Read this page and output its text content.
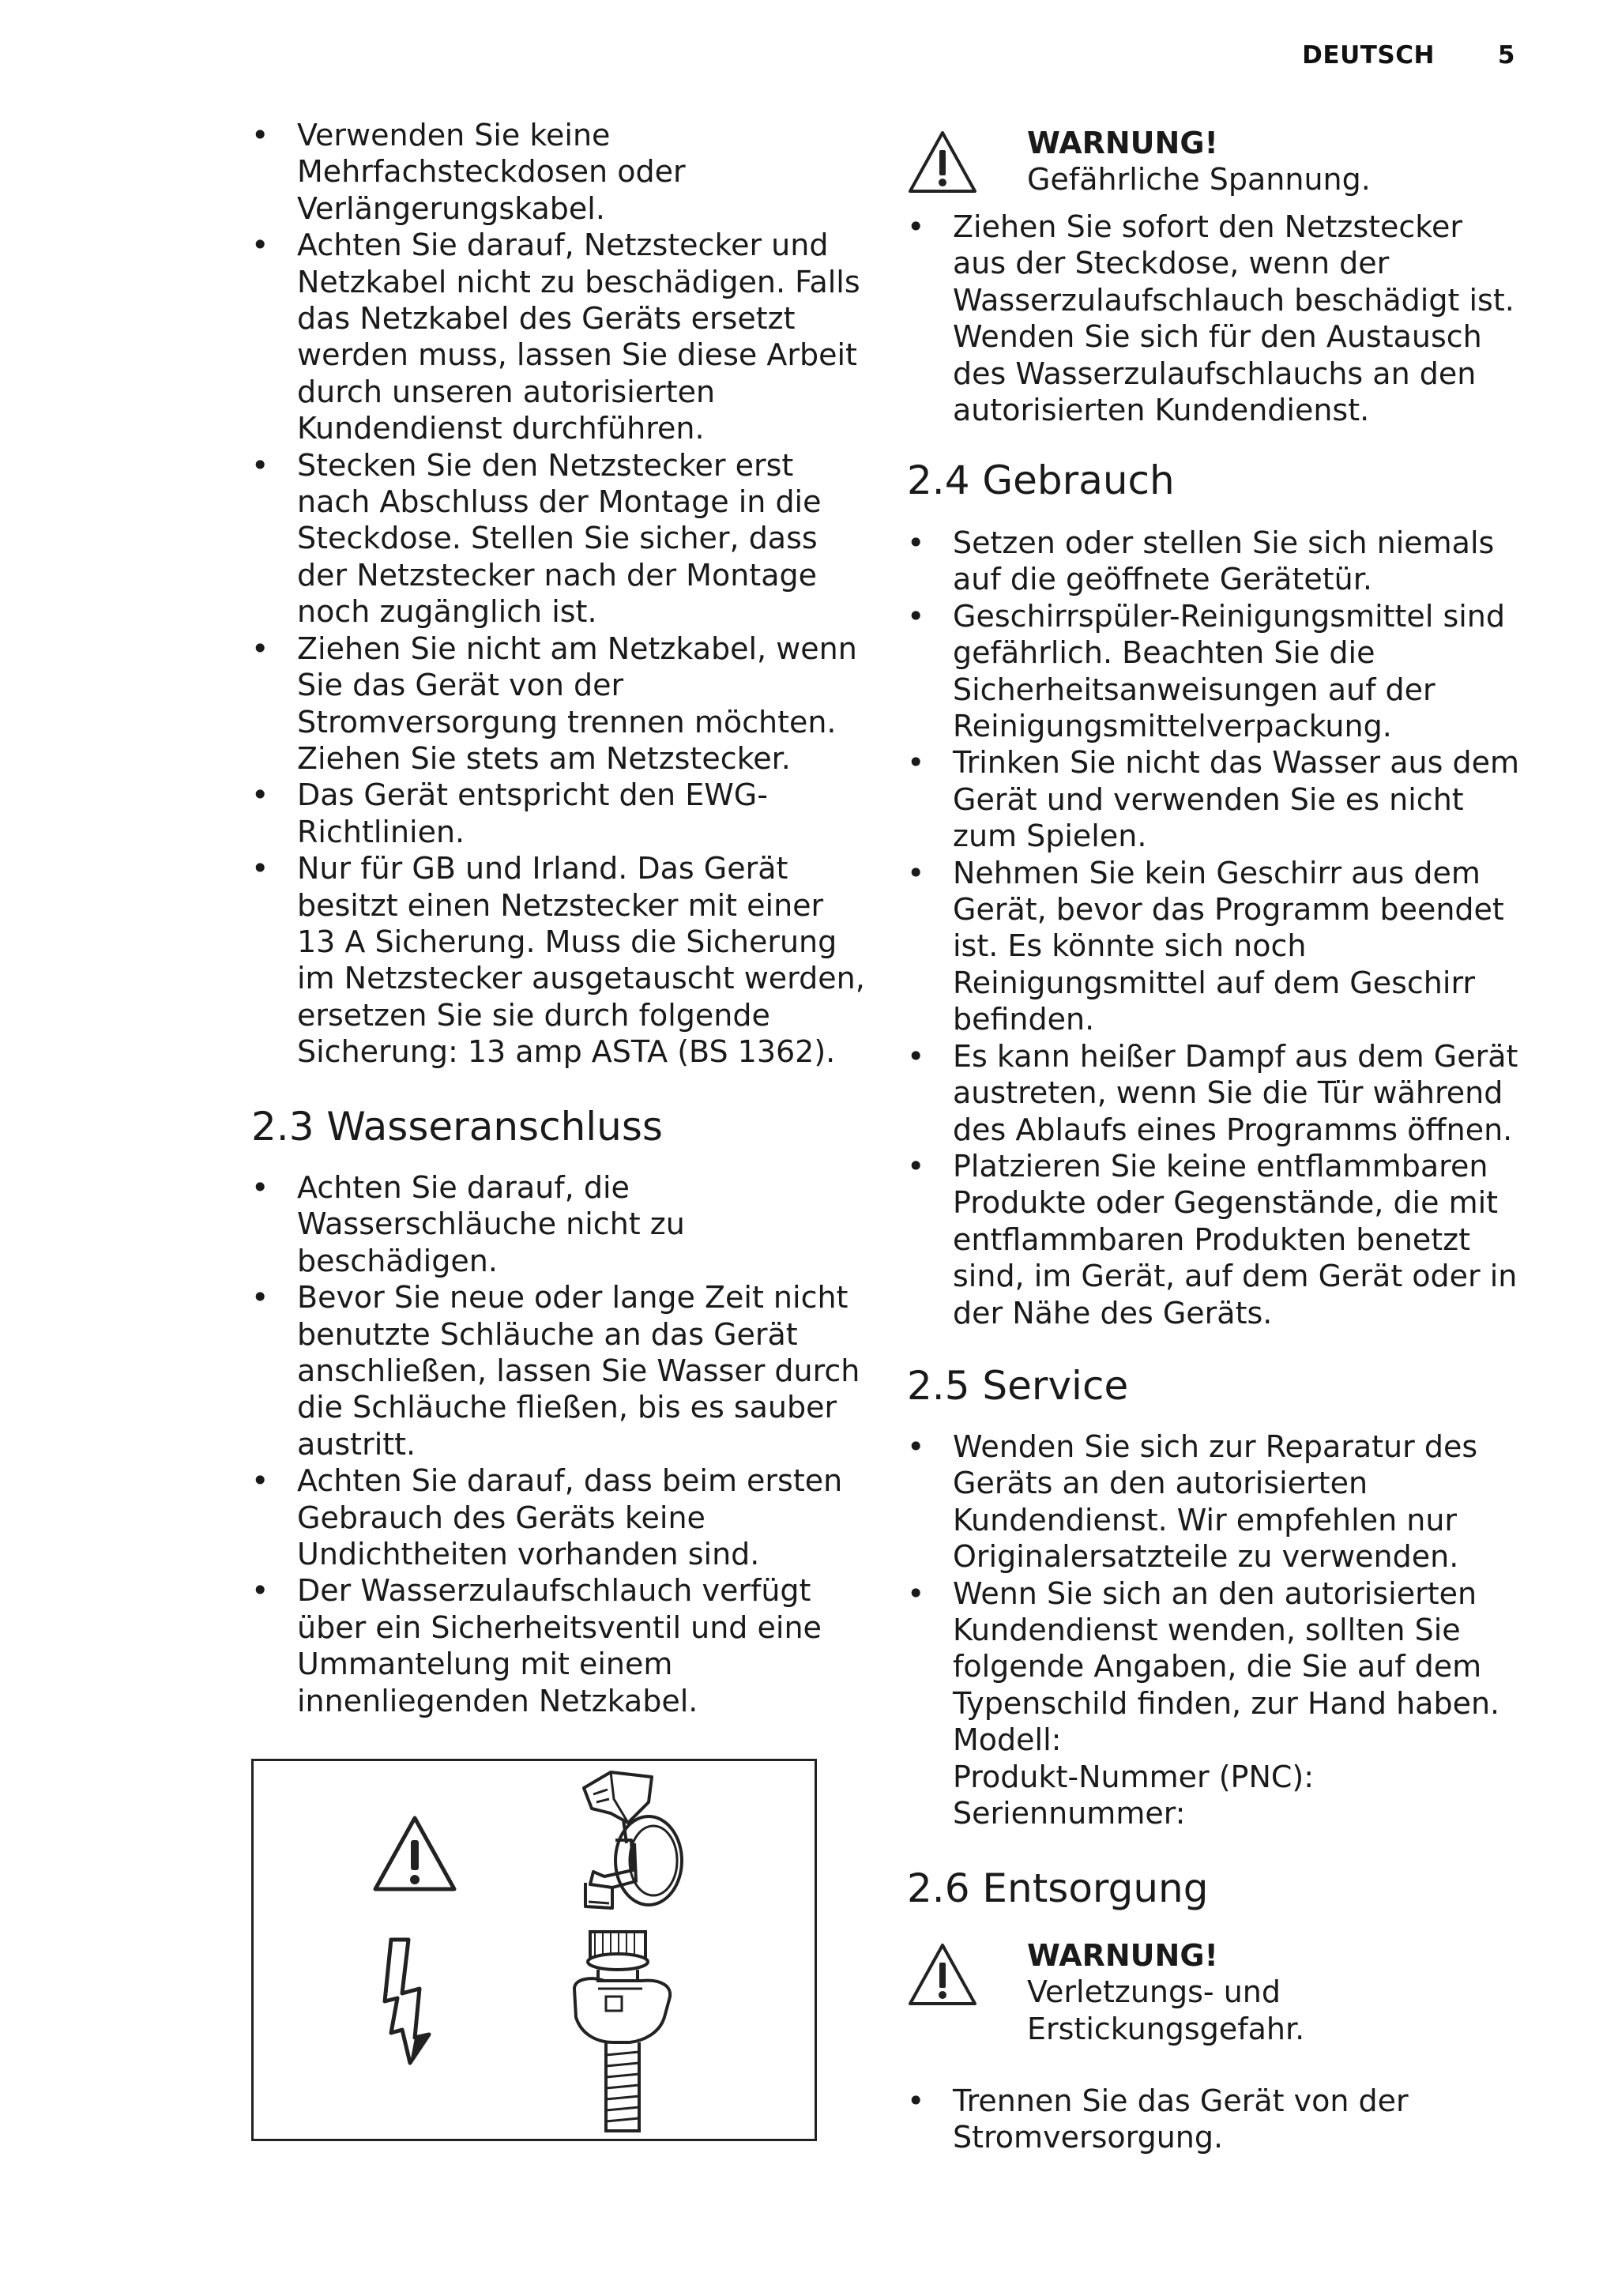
DEUTSCH	5
• Verwenden Sie keine Mehrfachsteckdosen oder Verlängerungskabel.
• Achten Sie darauf, Netzstecker und Netzkabel nicht zu beschädigen. Falls das Netzkabel des Geräts ersetzt werden muss, lassen Sie diese Arbeit durch unseren autorisierten Kundendienst durchführen.
• Stecken Sie den Netzstecker erst nach Abschluss der Montage in die Steckdose. Stellen Sie sicher, dass der Netzstecker nach der Montage noch zugänglich ist.
• Ziehen Sie nicht am Netzkabel, wenn Sie das Gerät von der Stromversorgung trennen möchten. Ziehen Sie stets am Netzstecker.
• Das Gerät entspricht den EWG-Richtlinien.
• Nur für GB und Irland. Das Gerät besitzt einen Netzstecker mit einer 13 A Sicherung. Muss die Sicherung im Netzstecker ausgetauscht werden, ersetzen Sie sie durch folgende Sicherung: 13 amp ASTA (BS 1362).
2.3 Wasseranschluss
• Achten Sie darauf, die Wasserschläuche nicht zu beschädigen.
• Bevor Sie neue oder lange Zeit nicht benutzte Schläuche an das Gerät anschließen, lassen Sie Wasser durch die Schläuche fließen, bis es sauber austritt.
• Achten Sie darauf, dass beim ersten Gebrauch des Geräts keine Undichtheiten vorhanden sind.
• Der Wasserzulaufschlauch verfügt über ein Sicherheitsventil und eine Ummantelung mit einem innenliegenden Netzkabel.
WARNUNG!
Gefährliche Spannung.
• Ziehen Sie sofort den Netzstecker aus der Steckdose, wenn der Wasserzulaufschlauch beschädigt ist. Wenden Sie sich für den Austausch des Wasserzulaufschlauchs an den autorisierten Kundendienst.
2.4 Gebrauch
• Setzen oder stellen Sie sich niemals auf die geöffnete Gerätetür.
• Geschirrspüler-Reinigungsmittel sind gefährlich. Beachten Sie die Sicherheitsanweisungen auf der Reinigungsmittelverpackung.
• Trinken Sie nicht das Wasser aus dem Gerät und verwenden Sie es nicht zum Spielen.
• Nehmen Sie kein Geschirr aus dem Gerät, bevor das Programm beendet ist. Es könnte sich noch Reinigungsmittel auf dem Geschirr befinden.
• Es kann heißer Dampf aus dem Gerät austreten, wenn Sie die Tür während des Ablaufs eines Programms öffnen.
• Platzieren Sie keine entflammbaren Produkte oder Gegenstände, die mit entflammbaren Produkten benetzt sind, im Gerät, auf dem Gerät oder in der Nähe des Geräts.
2.5 Service
• Wenden Sie sich zur Reparatur des Geräts an den autorisierten Kundendienst. Wir empfehlen nur Originalersatzteile zu verwenden.
• Wenn Sie sich an den autorisierten Kundendienst wenden, sollten Sie folgende Angaben, die Sie auf dem Typenschild finden, zur Hand haben.
Modell:
Produkt-Nummer (PNC):
Seriennummer:
2.6 Entsorgung
WARNUNG!
Verletzungs- und Erstickungsgefahr.
• Trennen Sie das Gerät von der Stromversorgung.
